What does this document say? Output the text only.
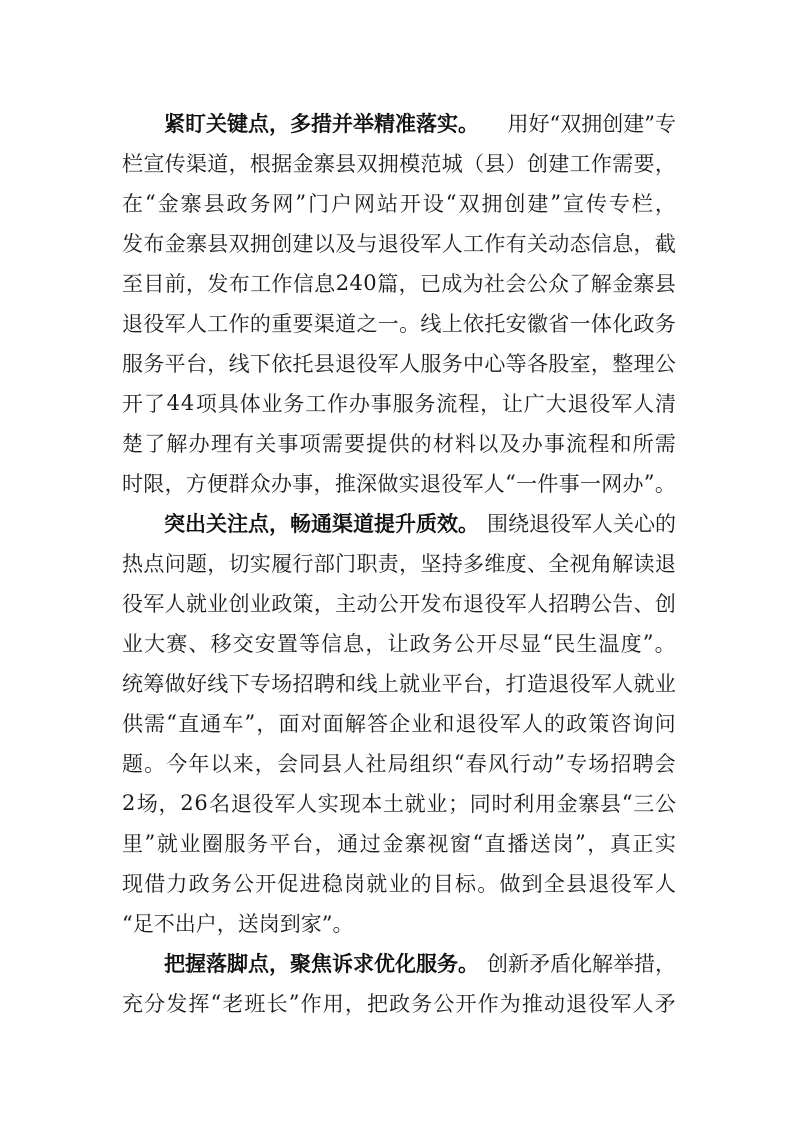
紧盯关键点，多措并举精准落实。 用好“双拥创建”专
栏 宣 传 渠 道 ， 根 据 金 寨 县 双 拥 模 范 城 （ 县 ） 创 建 工 作 需 要 ，
在 “ 金 寨 县 政 务 网 ” 门 户 网 站 开 设 “ 双 拥 创 建 ” 宣 传 专 栏 ，
发 布 金 寨 县 双 拥 创 建 以 及 与 退 役 军 人 工 作 有 关 动 态 信 息 ， 截
至 目 前 ， 发 布 工 作 信 息 2 4 0 篇 ， 已 成 为 社 会 公 众 了 解 金 寨 县
退 役 军 人 工 作 的 重 要 渠 道 之 一 。 线 上 依 托 安 徽 省 一 体 化 政 务
服 务 平 台 ， 线 下 依 托 县 退 役 军 人 服 务 中 心 等 各 股 室 ， 整 理 公
开 了 4 4 项 具 体 业 务 工 作 办 事 服 务 流 程 ， 让 广 大 退 役 军 人 清
楚 了 解 办 理 有 关 事 项 需 要 提 供 的 材 料 以 及 办 事 流 程 和 所 需
时 限 ， 方 便 群 众 办 事 ， 推 深 做 实 退 役 军 人 “ 一 件 事 一 网 办 ” 。
突出关注点，畅通渠道提升质效。 围绕退役军人关心的
热 点 问 题 ， 切 实 履 行 部 门 职 责 ， 坚 持 多 维 度 、 全 视 角 解 读 退
役 军 人 就 业 创 业 政 策 ， 主 动 公 开 发 布 退 役 军 人 招 聘 公 告 、 创
业 大 赛 、 移 交 安 置 等 信 息 ， 让 政 务 公 开 尽 显 “ 民 生 温 度 ” 。
统 筹 做 好 线 下 专 场 招 聘 和 线 上 就 业 平 台 ， 打 造 退 役 军 人 就 业
供 需 “ 直 通 车 ” ， 面 对 面 解 答 企 业 和 退 役 军 人 的 政 策 咨 询 问
题 。 今 年 以 来 ， 会 同 县 人 社 局 组 织 “ 春 风 行 动 ” 专 场 招 聘 会
2 场 ， 2 6 名 退 役 军 人 实 现 本 土 就 业 ； 同 时 利 用 金 寨 县 “ 三 公
里 ” 就 业 圈 服 务 平 台 ， 通 过 金 寨 视 窗 “ 直 播 送 岗 ” ， 真 正 实
现 借 力 政 务 公 开 促 进 稳 岗 就 业 的 目 标 。 做 到 全 县 退 役 军 人
“足不出户，送岗到家”。
把握落脚点，聚焦诉求优化服务。 创新矛盾化解举措，
充 分 发 挥 “ 老 班 长 ” 作 用 ， 把 政 务 公 开 作 为 推 动 退 役 军 人 矛
